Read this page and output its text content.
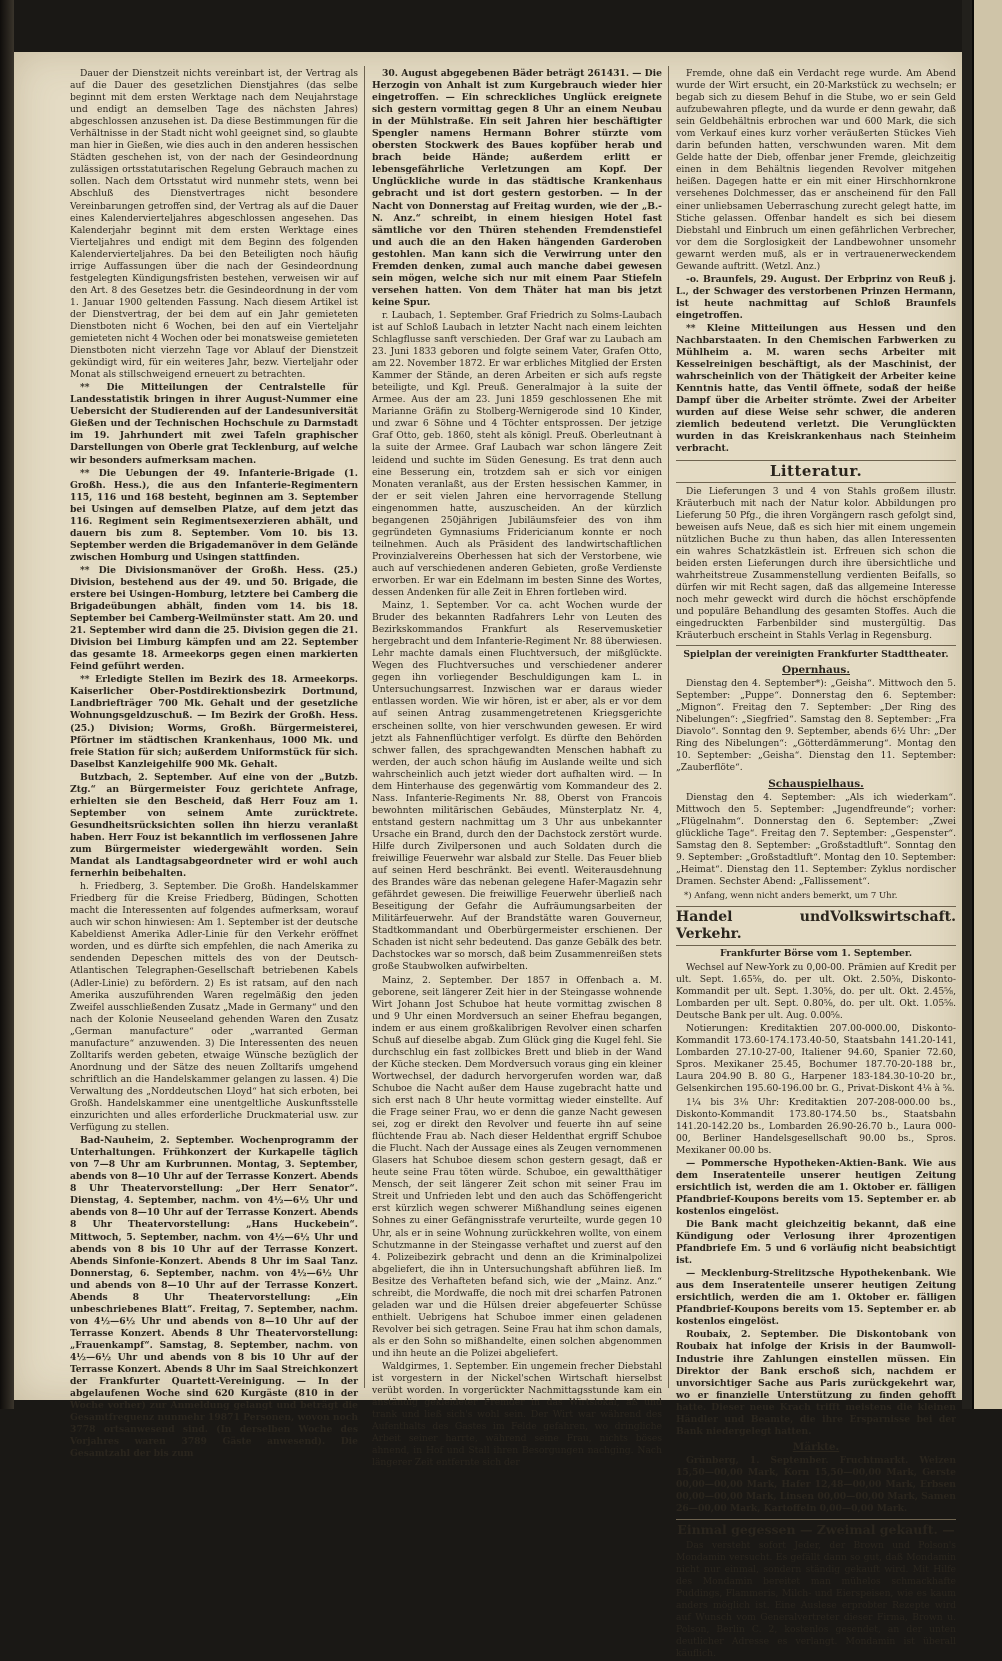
Dauer der Dienstzeit nichts vereinbart ist, der Vertrag als auf die Dauer des gesetzlichen Dienstjahres (das selbe beginnt mit dem ersten Werktage nach dem Neujahrstage und endigt an demselben Tage des nächsten Jahres) abgeschlossen anzusehen ist. Da diese Bestimmungen für die Verhältnisse in der Stadt nicht wohl geeignet sind, so glaubte man hier in Gießen, wie dies auch in den anderen hessischen Städten geschehen ist, von der nach der Gesindeordnung zulässigen ortsstatutarischen Regelung Gebrauch machen zu sollen. Nach dem Ortsstatut wird nunmehr stets, wenn bei Abschluß des Dienstvertrages nicht besondere Vereinbarungen getroffen sind, der Vertrag als auf die Dauer eines Kalendervierteljahres abgeschlossen angesehen. Das Kalenderjahr beginnt mit dem ersten Werktage eines Vierteljahres und endigt mit dem Beginn des folgenden Kalendervierteljahres. Da bei den Beteiligten noch häufig irrige Auffassungen über die nach der Gesindeordnung festgelegten Kündigungsfristen bestehen, verweisen wir auf den Art. 8 des Gesetzes betr. die Gesindeordnung in der vom 1. Januar 1900 geltenden Fassung. Nach diesem Artikel ist der Dienstvertrag, der bei dem auf ein Jahr gemieteten Dienstboten nicht 6 Wochen, bei den auf ein Vierteljahr gemieteten nicht 4 Wochen oder bei monatsweise gemieteten Dienstboten nicht vierzehn Tage vor Ablauf der Dienstzeit gekündigt wird, für ein weiteres Jahr, bezw. Vierteljahr oder Monat als stillschweigend erneuert zu betrachten.

** Die Mitteilungen der Centralstelle für Landesstatistik bringen in ihrer August-Nummer eine Uebersicht der Studierenden auf der Landesuniversität Gießen und der Technischen Hochschule zu Darmstadt im 19. Jahrhundert mit zwei Tafeln graphischer Darstellungen von Oberle grat Tecklenburg, auf welche wir besonders aufmerksam machen.

** Die Uebungen der 49. Infanterie-Brigade (1. Großh. Hess.), die aus den Infanterie-Regimentern 115, 116 und 168 besteht, beginnen am 3. September bei Usingen auf demselben Platze, auf dem jetzt das 116. Regiment sein Regimentsexerzieren abhält, und dauern bis zum 8. September. Vom 10. bis 13. September werden die Brigademanöver in dem Gelände zwischen Homburg und Usingen stattfinden.

** Die Divisionsmanöver der Großh. Hess. (25.) Division, bestehend aus der 49. und 50. Brigade, die erstere bei Usingen-Homburg, letztere bei Camberg die Brigadeübungen abhält, finden vom 14. bis 18. September bei Camberg-Weilmünster statt. Am 20. und 21. September wird dann die 25. Division gegen die 21. Division bei Limburg kämpfen und am 22. September das gesamte 18. Armeekorps gegen einen markierten Feind geführt werden.

** Erledigte Stellen im Bezirk des 18. Armeekorps. Kaiserlicher Ober-Postdirektionsbezirk Dortmund, Landbriefträger 700 Mk. Gehalt und der gesetzliche Wohnungsgeldzuschuß. — Im Bezirk der Großh. Hess. (25.) Division; Worms, Großh. Bürgermeisterei, Pförtner im städtischen Krankenhaus, 1000 Mk. und freie Station für sich; außerdem Uniformstück für sich. Daselbst Kanzleigehilfe 900 Mk. Gehalt.

Butzbach, 2. September. Auf eine von der „Butzb. Ztg.“ an Bürgermeister Fouz gerichtete Anfrage, erhielten sie den Bescheid, daß Herr Fouz am 1. September von seinem Amte zurücktrete. Gesundheitsrücksichten sollen ihn hierzu veranlaßt haben. Herr Fouz ist bekanntlich im verflossenen Jahre zum Bürgermeister wiedergewählt worden. Sein Mandat als Landtagsabgeordneter wird er wohl auch fernerhin beibehalten.

h. Friedberg, 3. September. Die Großh. Handelskammer Friedberg für die Kreise Friedberg, Büdingen, Schotten macht die Interessenten auf folgendes aufmerksam, worauf auch wir schon hinwiesen: Am 1. September ist der deutsche Kabeldienst Amerika Adler-Linie für den Verkehr eröffnet worden, und es dürfte sich empfehlen, die nach Amerika zu sendenden Depeschen mittels des von der Deutsch-Atlantischen Telegraphen-Gesellschaft betriebenen Kabels (Adler-Linie) zu befördern. 2) Es ist ratsam, auf den nach Amerika auszuführenden Waren regelmäßig den jeden Zweifel ausschließenden Zusatz „Made in Germany“ und den nach der Kolonie Neuseeland gehenden Waren den Zusatz „German manufacture“ oder „warranted German manufacture“ anzuwenden. 3) Die Interessenten des neuen Zolltarifs werden gebeten, etwaige Wünsche bezüglich der Anordnung und der Sätze des neuen Zolltarifs umgehend schriftlich an die Handelskammer gelangen zu lassen. 4) Die Verwaltung des „Norddeutschen Lloyd“ hat sich erboten, bei Großh. Handelskammer eine unentgeltliche Auskunftsstelle einzurichten und alles erforderliche Druckmaterial usw. zur Verfügung zu stellen.

Bad-Nauheim, 2. September. Wochenprogramm der Unterhaltungen. Frühkonzert der Kurkapelle täglich von 7—8 Uhr am Kurbrunnen. Montag, 3. September, abends von 8—10 Uhr auf der Terrasse Konzert. Abends 8 Uhr Theatervorstellung: „Der Herr Senator“. Dienstag, 4. September, nachm. von 4½—6½ Uhr und abends von 8—10 Uhr auf der Terrasse Konzert. Abends 8 Uhr Theatervorstellung: „Hans Huckebein“. Mittwoch, 5. September, nachm. von 4½—6½ Uhr und abends von 8 bis 10 Uhr auf der Terrasse Konzert. Abends Sinfonie-Konzert. Abends 8 Uhr im Saal Tanz. Donnerstag, 6. September, nachm. von 4½—6½ Uhr und abends von 8—10 Uhr auf der Terrasse Konzert. Abends 8 Uhr Theatervorstellung: „Ein unbeschriebenes Blatt“. Freitag, 7. September, nachm. von 4½—6½ Uhr und abends von 8—10 Uhr auf der Terrasse Konzert. Abends 8 Uhr Theatervorstellung: „Frauenkampf“. Samstag, 8. September, nachm. von 4½—6½ Uhr und abends von 8 bis 10 Uhr auf der Terrasse Konzert. Abends 8 Uhr im Saal Streichkonzert der Frankfurter Quartett-Vereinigung. — In der abgelaufenen Woche sind 620 Kurgäste (810 in der Woche vorher) zur Anmeldung gelangt und beträgt die Gesamtfrequenz nunmehr 19871 Personen, wovon noch 3778 ortsanwesend sind. (In derselben Woche des Vorjahres waren 3789 Gäste anwesend). Die Gesamtzahl der bis zum

30. August abgegebenen Bäder beträgt 261431. — Die Herzogin von Anhalt ist zum Kurgebrauch wieder hier eingetroffen. — Ein schreckliches Unglück ereignete sich gestern vormittag gegen 8 Uhr an einem Neubau in der Mühlstraße. Ein seit Jahren hier beschäftigter Spengler namens Hermann Bohrer stürzte vom obersten Stockwerk des Baues kopfüber herab und brach beide Hände; außerdem erlitt er lebensgefährliche Verletzungen am Kopf. Der Unglückliche wurde in das städtische Krankenhaus gebracht und ist dort gestern gestorben. — In der Nacht von Donnerstag auf Freitag wurden, wie der „B.-N. Anz.“ schreibt, in einem hiesigen Hotel fast sämtliche vor den Thüren stehenden Fremdenstiefel und auch die an den Haken hängenden Garderoben gestohlen. Man kann sich die Verwirrung unter den Fremden denken, zumal auch manche dabei gewesen sein mögen, welche sich nur mit einem Paar Stiefeln versehen hatten. Von dem Thäter hat man bis jetzt keine Spur.

r. Laubach, 1. September. Graf Friedrich zu Solms-Laubach ist auf Schloß Laubach in letzter Nacht nach einem leichten Schlagflusse sanft verschieden. Der Graf war zu Laubach am 23. Juni 1833 geboren und folgte seinem Vater, Grafen Otto, am 22. November 1872. Er war erbliches Mitglied der Ersten Kammer der Stände, an deren Arbeiten er sich aufs regste beteiligte, und Kgl. Preuß. Generalmajor à la suite der Armee. Aus der am 23. Juni 1859 geschlossenen Ehe mit Marianne Gräfin zu Stolberg-Wernigerode sind 10 Kinder, und zwar 6 Söhne und 4 Töchter entsprossen. Der jetzige Graf Otto, geb. 1860, steht als königl. Preuß. Oberleutnant à la suite der Armee. Graf Laubach war schon längere Zeit leidend und suchte im Süden Genesung. Es trat denn auch eine Besserung ein, trotzdem sah er sich vor einigen Monaten veranlaßt, aus der Ersten hessischen Kammer, in der er seit vielen Jahren eine hervorragende Stellung eingenommen hatte, auszuscheiden. An der kürzlich begangenen 250jährigen Jubiläumsfeier des von ihm gegründeten Gymnasiums Fridericianum konnte er noch teilnehmen. Auch als Präsident des landwirtschaftlichen Provinzialvereins Oberhessen hat sich der Verstorbene, wie auch auf verschiedenen anderen Gebieten, große Verdienste erworben. Er war ein Edelmann im besten Sinne des Wortes, dessen Andenken für alle Zeit in Ehren fortleben wird.

Mainz, 1. September. Vor ca. acht Wochen wurde der Bruder des bekannten Radfahrers Lehr von Leuten des Bezirkskommandos Frankfurt als Reservemusketier hergebracht und dem Infanterie-Regiment Nr. 88 überwiesen. Lehr machte damals einen Fluchtversuch, der mißglückte. Wegen des Fluchtversuches und verschiedener anderer gegen ihn vorliegender Beschuldigungen kam L. in Untersuchungsarrest. Inzwischen war er daraus wieder entlassen worden. Wie wir hören, ist er aber, als er vor dem auf seinen Antrag zusammengetretenen Kriegsgerichte erscheinen sollte, von hier verschwunden gewesen. Er wird jetzt als Fahnenflüchtiger verfolgt. Es dürfte den Behörden schwer fallen, des sprachgewandten Menschen habhaft zu werden, der auch schon häufig im Auslande weilte und sich wahrscheinlich auch jetzt wieder dort aufhalten wird. — In dem Hinterhause des gegenwärtig vom Kommandeur des 2. Nass. Infanterie-Regiments Nr. 88, Oberst von Francois bewohnten militärischen Gebäudes, Münsterplatz Nr. 4, entstand gestern nachmittag um 3 Uhr aus unbekannter Ursache ein Brand, durch den der Dachstock zerstört wurde. Hilfe durch Zivilpersonen und auch Soldaten durch die freiwillige Feuerwehr war alsbald zur Stelle. Das Feuer blieb auf seinen Herd beschränkt. Bei eventl. Weiterausdehnung des Brandes wäre das nebenan gelegene Hafer-Magazin sehr gefährdet gewesen. Die freiwillige Feuerwehr überließ nach Beseitigung der Gefahr die Aufräumungsarbeiten der Militärfeuerwehr. Auf der Brandstätte waren Gouverneur, Stadtkommandant und Oberbürgermeister erschienen. Der Schaden ist nicht sehr bedeutend. Das ganze Gebälk des betr. Dachstockes war so morsch, daß beim Zusammenreißen stets große Staubwolken aufwirbelten.

Mainz, 2. September. Der 1857 in Offenbach a. M. geborene, seit längerer Zeit hier in der Steingasse wohnende Wirt Johann Jost Schuboe hat heute vormittag zwischen 8 und 9 Uhr einen Mordversuch an seiner Ehefrau begangen, indem er aus einem großkalibrigen Revolver einen scharfen Schuß auf dieselbe abgab. Zum Glück ging die Kugel fehl. Sie durchschlug ein fast zollbickes Brett und blieb in der Wand der Küche stecken. Dem Mordversuch voraus ging ein kleiner Wortwechsel, der dadurch hervorgerufen worden war, daß Schuboe die Nacht außer dem Hause zugebracht hatte und sich erst nach 8 Uhr heute vormittag wieder einstellte. Auf die Frage seiner Frau, wo er denn die ganze Nacht gewesen sei, zog er direkt den Revolver und feuerte ihn auf seine flüchtende Frau ab. Nach dieser Heldenthat ergriff Schuboe die Flucht. Nach der Aussage eines als Zeugen vernommenen Glasers hat Schuboe diesem schon gestern gesagt, daß er heute seine Frau töten würde. Schuboe, ein gewaltthätiger Mensch, der seit längerer Zeit schon mit seiner Frau im Streit und Unfrieden lebt und den auch das Schöffengericht erst kürzlich wegen schwerer Mißhandlung seines eigenen Sohnes zu einer Gefängnisstrafe verurteilte, wurde gegen 10 Uhr, als er in seine Wohnung zurückkehren wollte, von einem Schutzmanne in der Steingasse verhaftet und zuerst auf den 4. Polizeibezirk gebracht und denn an die Kriminalpolizei abgeliefert, die ihn in Untersuchungshaft abführen ließ. Im Besitze des Verhafteten befand sich, wie der „Mainz. Anz.“ schreibt, die Mordwaffe, die noch mit drei scharfen Patronen geladen war und die Hülsen dreier abgefeuerter Schüsse enthielt. Uebrigens hat Schuboe immer einen geladenen Revolver bei sich getragen. Seine Frau hat ihm schon damals, als er den Sohn so mißhandelte, einen solchen abgenommen und ihn heute an die Polizei abgeliefert.

Waldgirmes, 1. September. Ein ungemein frecher Diebstahl ist vorgestern in der Nickel'schen Wirtschaft hierselbst verübt worden. In vorgerückter Nachmittagsstunde kam ein anständig gekleideter Fremder in das Wirtslokal, aß und trank und ließ sich's wohl sein. Der Wirt war während des Aufenthalts des Gastes im Felde gefahren, wo dringliche Arbeit seiner harrte, während seine Frau, nichts böses ahnend, in Hof und Stall ihren Besorgungen nachging. Nach längerer Zeit entfernte sich der

Fremde, ohne daß ein Verdacht rege wurde. Am Abend wurde der Wirt ersucht, ein 20-Markstück zu wechseln; er begab sich zu diesem Behuf in die Stube, wo er sein Geld aufzubewahren pflegte, und da wurde er denn gewahr, daß sein Geldbehältnis erbrochen war und 600 Mark, die sich vom Verkauf eines kurz vorher veräußerten Stückes Vieh darin befunden hatten, verschwunden waren. Mit dem Gelde hatte der Dieb, offenbar jener Fremde, gleichzeitig einen in dem Behältnis liegenden Revolver mitgehen heißen. Dagegen hatte er ein mit einer Hirschhornkrone versehenes Dolchmesser, das er anscheinend für den Fall einer unliebsamen Ueberraschung zurecht gelegt hatte, im Stiche gelassen. Offenbar handelt es sich bei diesem Diebstahl und Einbruch um einen gefährlichen Verbrecher, vor dem die Sorglosigkeit der Landbewohner unsomehr gewarnt werden muß, als er in vertrauenerweckendem Gewande auftritt. (Wetzl. Anz.)

-o. Braunfels, 29. August. Der Erbprinz von Reuß j. L., der Schwager des verstorbenen Prinzen Hermann, ist heute nachmittag auf Schloß Braunfels eingetroffen.

** Kleine Mitteilungen aus Hessen und den Nachbarstaaten. In den Chemischen Farbwerken zu Mühlheim a. M. waren sechs Arbeiter mit Kesselreinigen beschäftigt, als der Maschinist, der wahrscheinlich von der Thätigkeit der Arbeiter keine Kenntnis hatte, das Ventil öffnete, sodaß der heiße Dampf über die Arbeiter strömte. Zwei der Arbeiter wurden auf diese Weise sehr schwer, die anderen ziemlich bedeutend verletzt. Die Verunglückten wurden in das Kreiskrankenhaus nach Steinheim verbracht.

Litteratur.

Die Lieferungen 3 und 4 von Stahls großem illustr. Kräuterbuch mit nach der Natur kolor. Abbildungen pro Lieferung 50 Pfg., die ihren Vorgängern rasch gefolgt sind, beweisen aufs Neue, daß es sich hier mit einem ungemein nützlichen Buche zu thun haben, das allen Interessenten ein wahres Schatzkästlein ist. Erfreuen sich schon die beiden ersten Lieferungen durch ihre übersichtliche und wahrheitstreue Zusammenstellung verdienten Beifalls, so dürfen wir mit Recht sagen, daß das allgemeine Interesse noch mehr geweckt wird durch die höchst erschöpfende und populäre Behandlung des gesamten Stoffes. Auch die eingedruckten Farbenbilder sind mustergültig. Das Kräuterbuch erscheint in Stahls Verlag in Regensburg.

Spielplan der vereinigten Frankfurter Stadttheater.
Opernhaus.

Dienstag den 4. September*): „Geisha“. Mittwoch den 5. September: „Puppe“. Donnerstag den 6. September: „Mignon“. Freitag den 7. September: „Der Ring des Nibelungen“: „Siegfried“. Samstag den 8. September: „Fra Diavolo“. Sonntag den 9. September, abends 6½ Uhr: „Der Ring des Nibelungen“: „Götterdämmerung“. Montag den 10. September: „Geisha“. Dienstag den 11. September: „Zauberflöte“.

Schauspielhaus.

Dienstag den 4. September: „Als ich wiederkam“. Mittwoch den 5. September: „Jugendfreunde“; vorher: „Flügelnahm“. Donnerstag den 6. September: „Zwei glückliche Tage“. Freitag den 7. September: „Gespenster“. Samstag den 8. September: „Großstadtluft“. Sonntag den 9. September: „Großstadtluft“. Montag den 10. September: „Heimat“. Dienstag den 11. September: Zyklus nordischer Dramen. Sechster Abend: „Fallissement“.

*) Anfang, wenn nicht anders bemerkt, um 7 Uhr.
Handel und Verkehr.
Volkswirtschaft.
Frankfurter Börse vom 1. September.

Wechsel auf New-York zu 0,00-00. Prämien auf Kredit per ult. Sept. 1.65⅝, do. per ult. Okt. 2.50⅝, Diskonto-Kommandit per ult. Sept. 1.30⅝, do. per ult. Okt. 2.45⅝, Lombarden per ult. Sept. 0.80⅝, do. per ult. Okt. 1.05⅝. Deutsche Bank per ult. Aug. 0.00⅝.

Notierungen: Kreditaktien 207.00-000.00, Diskonto-Kommandit 173.60-174.173.40-50, Staatsbahn 141.20-141, Lombarden 27.10-27-00, Italiener 94.60, Spanier 72.60, Spros. Mexikaner 25.45, Bochumer 187.70-20-188 br., Laura 204.90 B. 80 G., Harpener 183-184.30-10-20 br., Gelsenkirchen 195.60-196.00 br. G., Privat-Diskont 4⅛ à ⅝.

1¼ bis 3⅛ Uhr: Kreditaktien 207-208-000.00 bs., Diskonto-Kommandit 173.80-174.50 bs., Staatsbahn 141.20-142.20 bs., Lombarden 26.90-26.70 b., Laura 000-00, Berliner Handelsgesellschaft 90.00 bs., Spros. Mexikaner 00.00 bs.

— Pommersche Hypotheken-Aktien-Bank. Wie aus dem Inseratenteile unserer heutigen Zeitung ersichtlich ist, werden die am 1. Oktober er. fälligen Pfandbrief-Koupons bereits vom 15. September er. ab kostenlos eingelöst.

Die Bank macht gleichzeitig bekannt, daß eine Kündigung oder Verlosung ihrer 4prozentigen Pfandbriefe Em. 5 und 6 vorläufig nicht beabsichtigt ist.

— Mecklenburg-Strelitzsche Hypothekenbank. Wie aus dem Inseratenteile unserer heutigen Zeitung ersichtlich, werden die am 1. Oktober er. fälligen Pfandbrief-Koupons bereits vom 15. September er. ab kostenlos eingelöst.

Roubaix, 2. September. Die Diskontobank von Roubaix hat infolge der Krisis in der Baumwoll-Industrie ihre Zahlungen einstellen müssen. Ein Direktor der Bank erschoß sich, nachdem er unvorsichtiger Sache aus Paris zurückgekehrt war, wo er finanzielle Unterstützung zu finden gehofft hatte. Dieser neue Krach trifft meistens die kleinen Händler und Beamte, die ihre Ersparnisse bei der Bank niedergelegt hatten.

Märkte.

Grünberg, 1. September. Fruchtmarkt. Weizen 15,50—00,00 Mark, Korn 15,50—00,00 Mark, Gerste 00,00—00,00 Mark, Hafer 12,48—00,00 Mark, Erbsen 00,00—00,00 Mark, Linsen 00,00—00,00 Mark, Samen 26—00,00 Mark, Kartoffeln 0,00—0,00 Mark.

Einmal gegessen — Zweimal gekauft. —

Das versteht sofort Jeder, der Brown und Polson's Mondamin versucht. Es gefällt dann so gut, daß Mondamin nicht nur einmal, sondern ständig gekauft wird. Mit Hilfe des Mondamin bereitet man mühelos schmackhafte Puddings, Flammeris, Milch- und Eierspeisen, wie es kaum anders möglich ist. Eine Auslese erprobter Rezepte wird auf Wunsch vom Generalvertreter dieser Firma, Brown u. Polson, Berlin C. 2, kostenlos gesendet, an der unten deutlicher Adresse es verlangt. Mondamin ist überall käuflich.
